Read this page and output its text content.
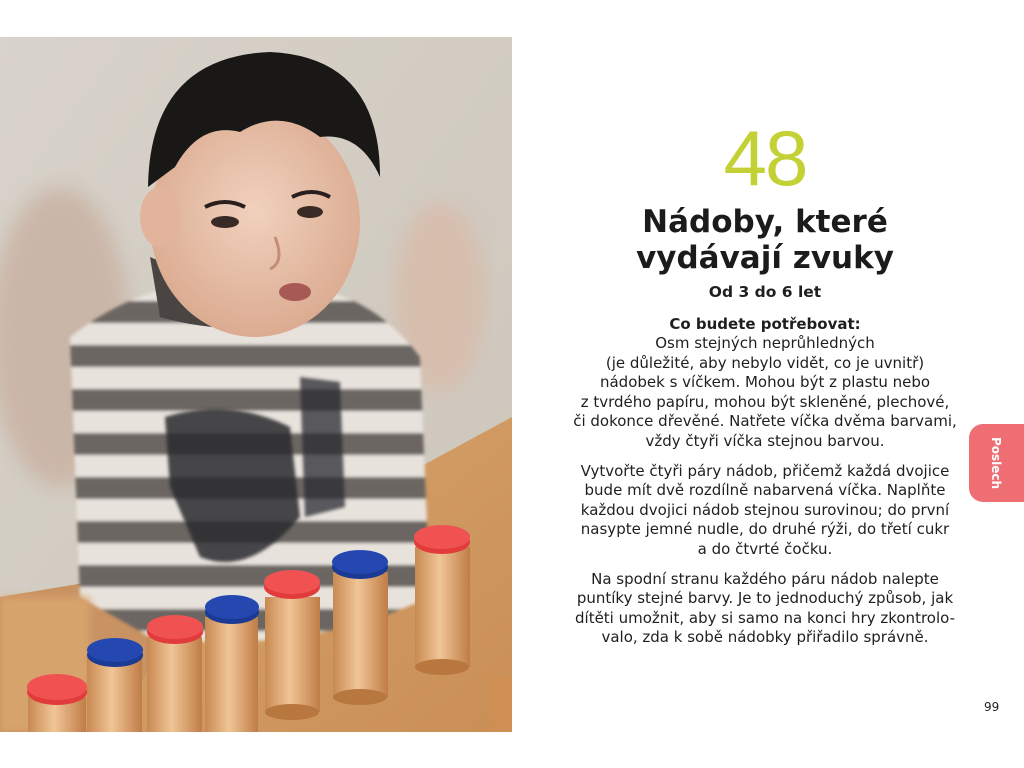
48
Nádoby, které
vydávají zvuky
Od 3 do 6 let
Co budete potřebovat:

Osm stejných neprůhledných
(je důležité, aby nebylo vidět, co je uvnitř)
nádobek s víčkem. Mohou být z plastu nebo
z tvrdého papíru, mohou být skleněné, plechové,
či dokonce dřevěné. Natřete víčka dvěma barvami,
vždy čtyři víčka stejnou barvou.

Vytvořte čtyři páry nádob, přičemž každá dvojice
bude mít dvě rozdílně nabarvená víčka. Naplňte
každou dvojici nádob stejnou surovinou; do první
nasypte jemné nudle, do druhé rýži, do třetí cukr
a do čtvrté čočku.

Na spodní stranu každého páru nádob nalepte
puntíky stejné barvy. Je to jednoduchý způsob, jak
dítěti umožnit, aby si samo na konci hry zkontrolo-
valo, zda k sobě nádobky přiřadilo správně.

Poslech
99
